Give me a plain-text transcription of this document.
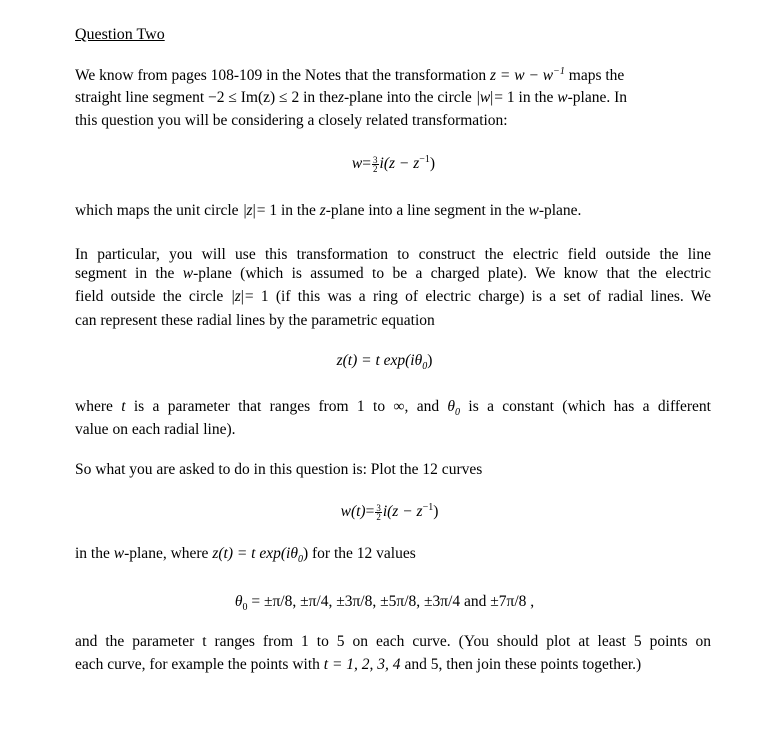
Question Two
We know from pages 108-109 in the Notes that the transformation $z = w - w^{-1}$ maps the
straight line segment −2 ≤ Im(z) ≤ 2 in thez-plane into the circle |w|= 1 in the w-plane. In
this question you will be considering a closely related transformation:
$w= \frac{3}{2} i(z - z^{-1})$
which maps the unit circle |z|= 1 in the z-plane into a line segment in the w-plane.
In particular, you will use this transformation to construct the electric field outside the line
segment in the w-plane (which is assumed to be a charged plate). We know that the electric
field outside the circle |z|= 1 (if this was a ring of electric charge) is a set of radial lines. We
can represent these radial lines by the parametric equation
z(t) = t $\exp(i\theta_0)$
where t is a parameter that ranges from 1 to ∞, and $\theta_0$ is a constant (which has a different
value on each radial line).
So what you are asked to do in this question is: Plot the 12 curves
$w(t)= \frac{3}{2} i(z - z^{-1})$
in the w-plane, where z(t) = t $\exp(i\theta_0)$ for the 12 values
$\theta_0 = \pm\pi/8$, ±π/4, ±3π/8, ±5π/8, ±3π/4 and ±7π/8 ,
and the parameter t ranges from 1 to 5 on each curve. (You should plot at least 5 points on
each curve, for example the points with t = 1, 2, 3, 4 and 5, then join these points together.)
